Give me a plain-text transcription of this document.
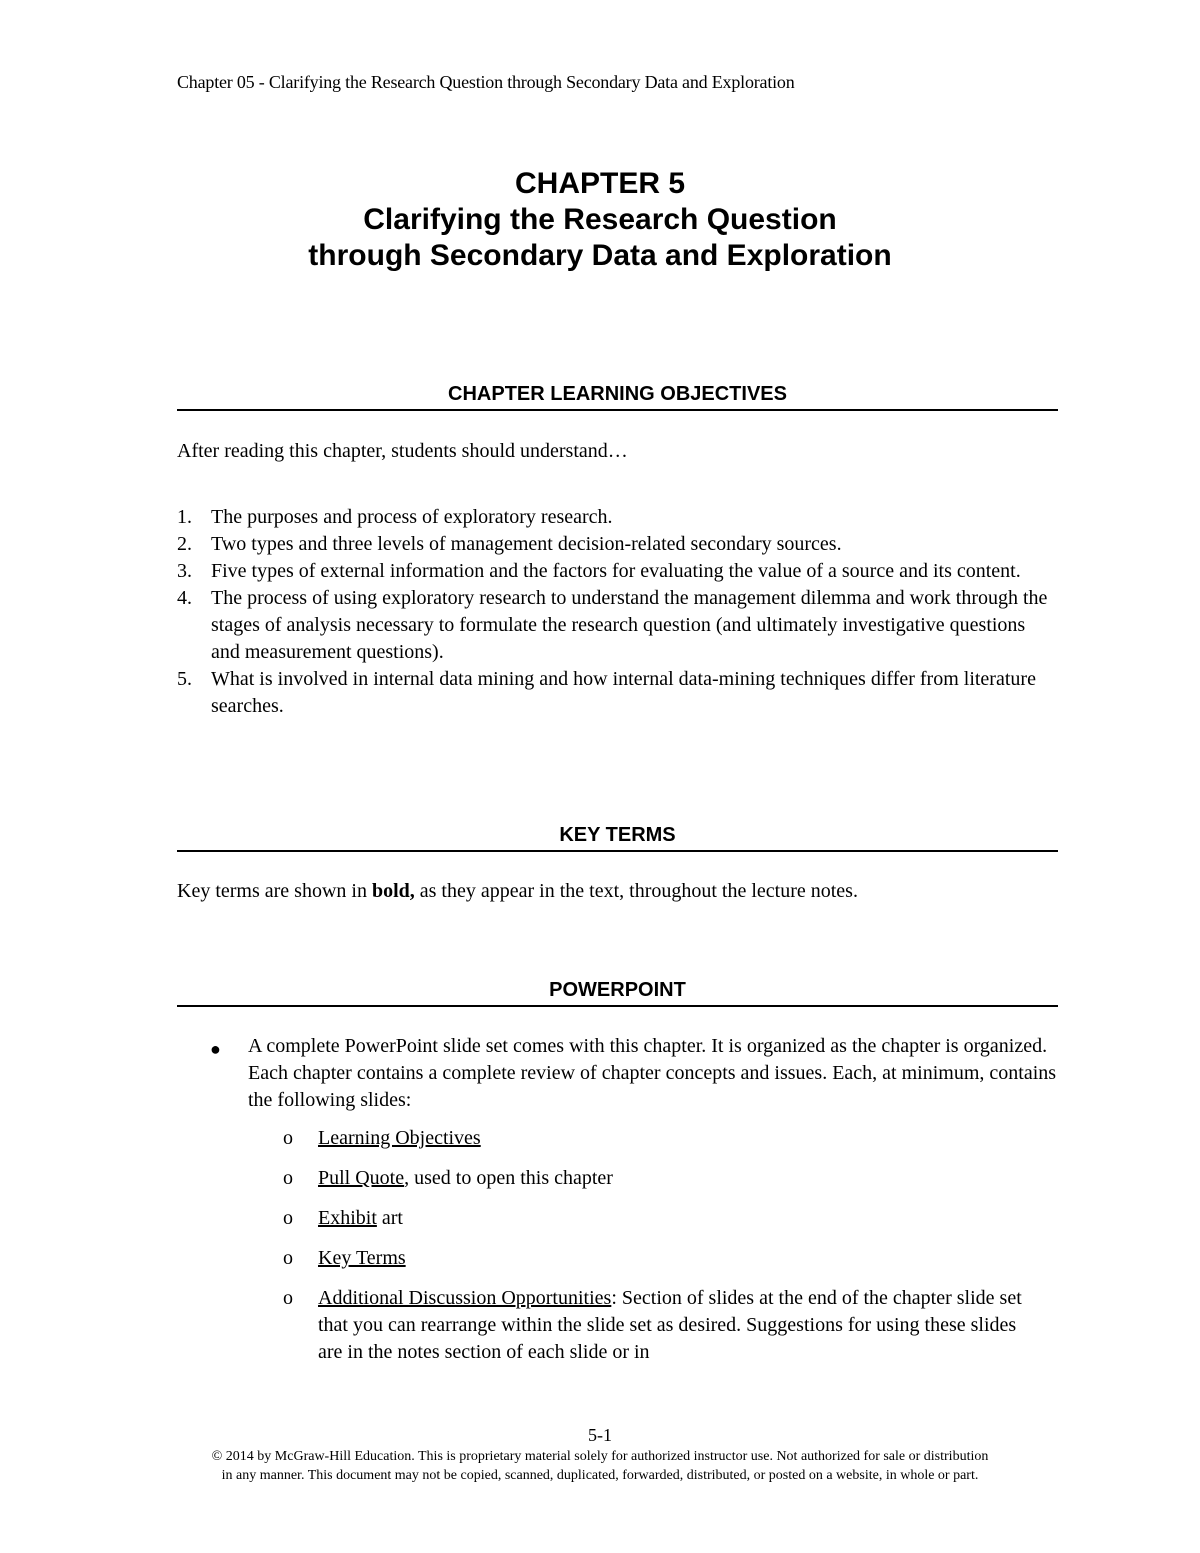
Chapter 05 - Clarifying the Research Question through Secondary Data and Exploration
CHAPTER 5
Clarifying the Research Question
through Secondary Data and Exploration
CHAPTER LEARNING OBJECTIVES
After reading this chapter, students should understand…
1. The purposes and process of exploratory research.
2. Two types and three levels of management decision-related secondary sources.
3. Five types of external information and the factors for evaluating the value of a source and its content.
4. The process of using exploratory research to understand the management dilemma and work through the stages of analysis necessary to formulate the research question (and ultimately investigative questions and measurement questions).
5. What is involved in internal data mining and how internal data-mining techniques differ from literature searches.
KEY TERMS
Key terms are shown in bold, as they appear in the text, throughout the lecture notes.
POWERPOINT
● A complete PowerPoint slide set comes with this chapter. It is organized as the chapter is organized. Each chapter contains a complete review of chapter concepts and issues. Each, at minimum, contains the following slides:
o Learning Objectives
o Pull Quote, used to open this chapter
o Exhibit art
o Key Terms
o Additional Discussion Opportunities: Section of slides at the end of the chapter slide set that you can rearrange within the slide set as desired. Suggestions for using these slides are in the notes section of each slide or in
5-1
© 2014 by McGraw-Hill Education. This is proprietary material solely for authorized instructor use. Not authorized for sale or distribution
in any manner. This document may not be copied, scanned, duplicated, forwarded, distributed, or posted on a website, in whole or part.
